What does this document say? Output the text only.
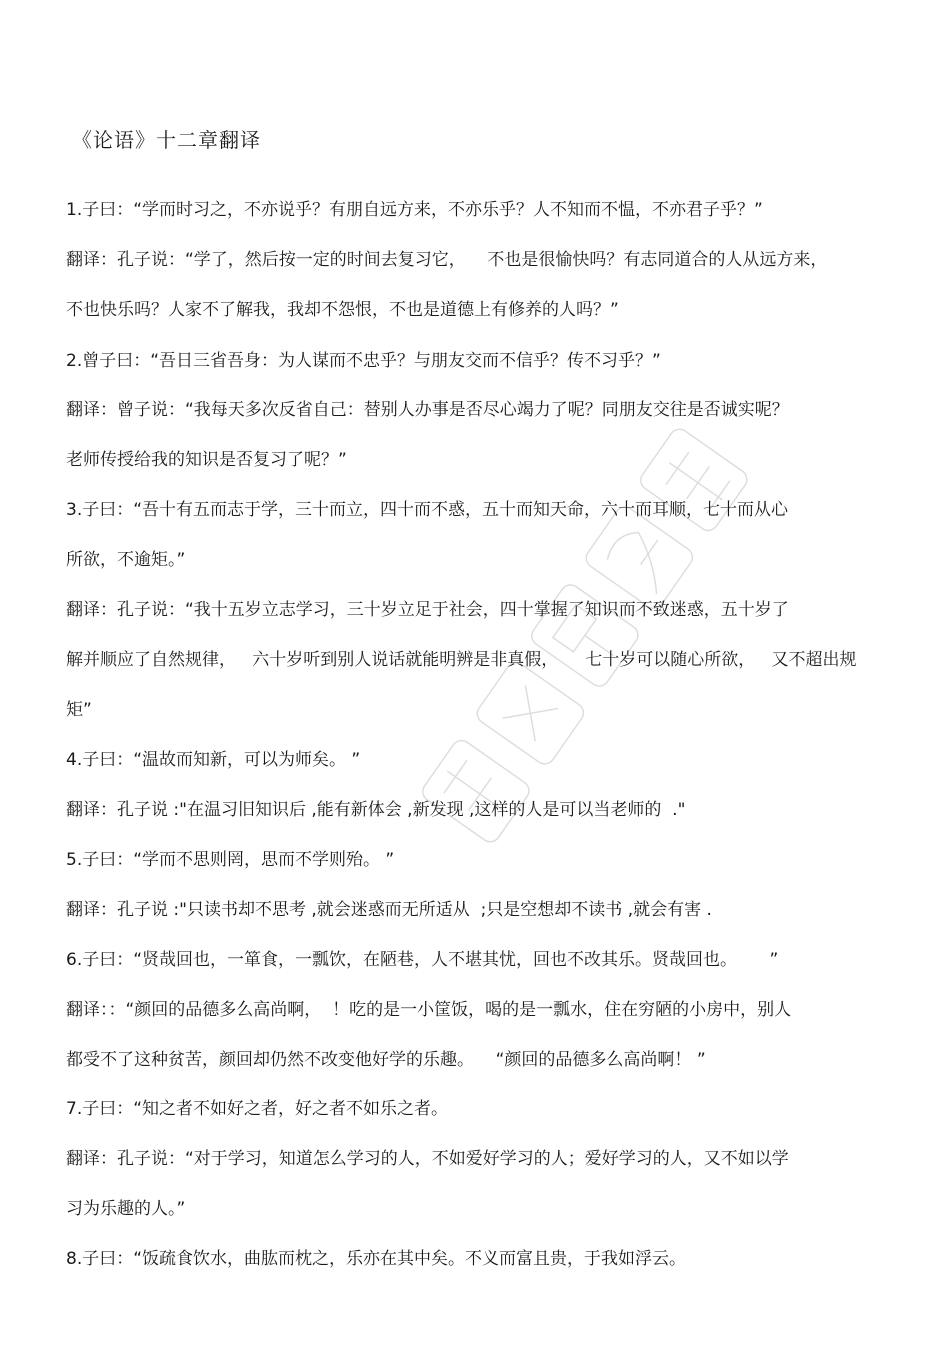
《论语》十二章翻译
1.子曰：“学而时习之，不亦说乎？有朋自远方来，不亦乐乎？人不知而不愠，不亦君子乎？”
翻译：孔子说：“学了，然后按一定的时间去复习它，    不也是很愉快吗？有志同道合的人从远方来，
不也快乐吗？人家不了解我，我却不怨恨，不也是道德上有修养的人吗？”
2.曾子曰：“吾日三省吾身：为人谋而不忠乎？与朋友交而不信乎？传不习乎？”
翻译：曾子说：“我每天多次反省自己：替别人办事是否尽心竭力了呢？同朋友交往是否诚实呢？
老师传授给我的知识是否复习了呢？”
3.子曰：“吾十有五而志于学，三十而立，四十而不惑，五十而知天命，六十而耳顺，七十而从心
所欲，不逾矩。”
翻译：孔子说：“我十五岁立志学习，三十岁立足于社会，四十掌握了知识而不致迷惑，五十岁了
解并顺应了自然规律，   六十岁听到别人说话就能明辨是非真假，     七十岁可以随心所欲，   又不超出规
矩”
4.子曰：“温故而知新，可以为师矣。 ”
翻译：孔子说 :"在温习旧知识后 ,能有新体会 ,新发现 ,这样的人是可以当老师的  ."
5.子曰：“学而不思则罔，思而不学则殆。 ”
翻译：孔子说 :"只读书却不思考 ,就会迷惑而无所适从  ;只是空想却不读书 ,就会有害 .
6.子曰：“贤哉回也，一箪食，一瓢饮，在陋巷，人不堪其忧，回也不改其乐。贤哉回也。      ”
翻译：：“颜回的品德多么高尚啊，  ！吃的是一小筐饭，喝的是一瓢水，住在穷陋的小房中，别人
都受不了这种贫苦，颜回却仍然不改变他好学的乐趣。    “颜回的品德多么高尚啊！ ”
7.子曰：“知之者不如好之者，好之者不如乐之者。
翻译：孔子说：“对于学习，知道怎么学习的人，不如爱好学习的人；爱好学习的人，又不如以学
习为乐趣的人。”
8.子曰：“饭疏食饮水，曲肱而枕之，乐亦在其中矣。不义而富且贵，于我如浮云。
